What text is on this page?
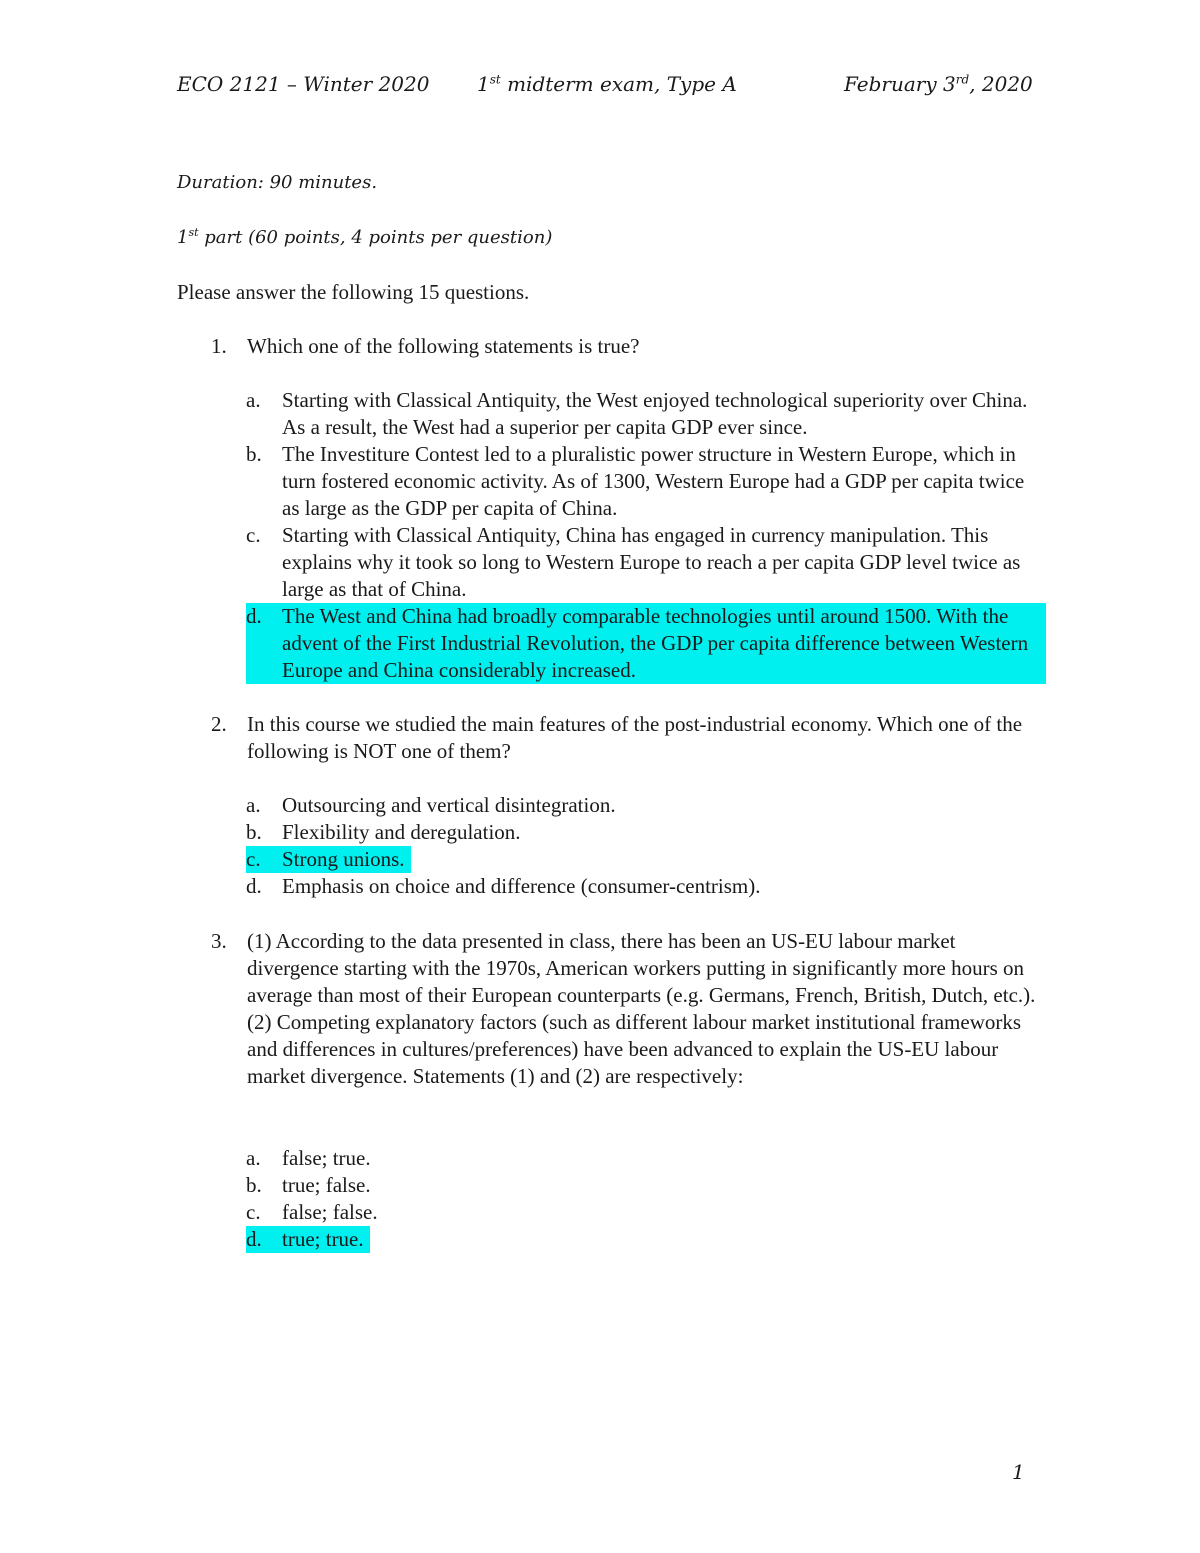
ECO 2121 – Winter 2020 1st midterm exam, Type A	February 3rd, 2020
Duration: 90 minutes.
1st part (60 points, 4 points per question)
Please answer the following 15 questions.
1. Which one of the following statements is true?
a. Starting with Classical Antiquity, the West enjoyed technological superiority over China. As a result, the West had a superior per capita GDP ever since.
b. The Investiture Contest led to a pluralistic power structure in Western Europe, which in turn fostered economic activity. As of 1300, Western Europe had a GDP per capita twice as large as the GDP per capita of China.
c. Starting with Classical Antiquity, China has engaged in currency manipulation. This explains why it took so long to Western Europe to reach a per capita GDP level twice as large as that of China.
d. The West and China had broadly comparable technologies until around 1500. With the advent of the First Industrial Revolution, the GDP per capita difference between Western Europe and China considerably increased.
2. In this course we studied the main features of the post-industrial economy. Which one of the following is NOT one of them?
a. Outsourcing and vertical disintegration.
b. Flexibility and deregulation.
c. Strong unions.
d. Emphasis on choice and difference (consumer-centrism).
3. (1) According to the data presented in class, there has been an US-EU labour market divergence starting with the 1970s, American workers putting in significantly more hours on average than most of their European counterparts (e.g. Germans, French, British, Dutch, etc.). (2) Competing explanatory factors (such as different labour market institutional frameworks and differences in cultures/preferences) have been advanced to explain the US-EU labour market divergence. Statements (1) and (2) are respectively:
a. false; true.
b. true; false.
c. false; false.
d. true; true.
1
